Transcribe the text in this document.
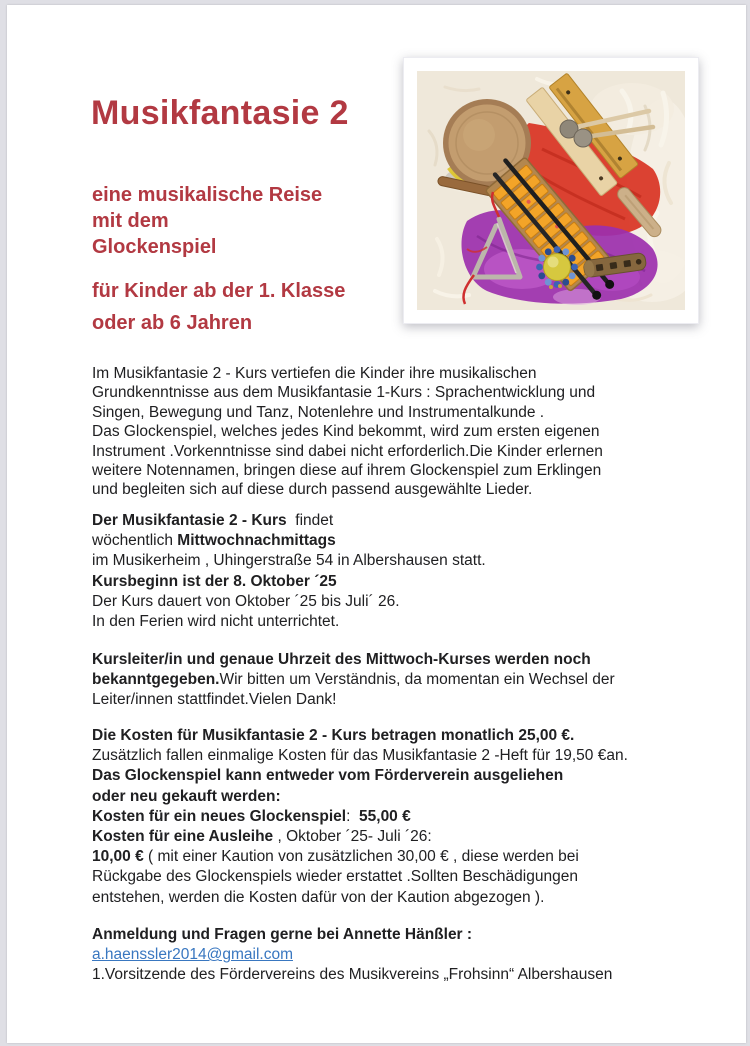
Musikfantasie 2
eine musikalische Reise
mit dem
Glockenspiel
für Kinder ab der 1. Klasse
oder ab 6 Jahren
Im Musikfantasie 2 - Kurs vertiefen die Kinder ihre musikalischen
Grundkenntnisse aus dem Musikfantasie 1-Kurs : Sprachentwicklung und
Singen, Bewegung und Tanz, Notenlehre und Instrumentalkunde .
Das Glockenspiel, welches jedes Kind bekommt, wird zum ersten eigenen
Instrument .Vorkenntnisse sind dabei nicht erforderlich.Die Kinder erlernen
weitere Notennamen, bringen diese auf ihrem Glockenspiel zum Erklingen
und begleiten sich auf diese durch passend ausgewählte Lieder.
Der Musikfantasie 2 - Kurs  findet
wöchentlich Mittwochnachmittags
im Musikerheim , Uhingerstraße 54 in Albershausen statt.
Kursbeginn ist der 8. Oktober ´25
Der Kurs dauert von Oktober ´25 bis Juli´ 26.
In den Ferien wird nicht unterrichtet.
Kursleiter/in und genaue Uhrzeit des Mittwoch-Kurses werden noch
bekanntgegeben.Wir bitten um Verständnis, da momentan ein Wechsel der
Leiter/innen stattfindet.Vielen Dank!
Die Kosten für Musikfantasie 2 - Kurs betragen monatlich 25,00 €.
Zusätzlich fallen einmalige Kosten für das Musikfantasie 2 -Heft für 19,50 €an.
Das Glockenspiel kann entweder vom Förderverein ausgeliehen
oder neu gekauft werden:
Kosten für ein neues Glockenspiel:  55,00 €
Kosten für eine Ausleihe , Oktober ´25- Juli ´26:
10,00 € ( mit einer Kaution von zusätzlichen 30,00 € , diese werden bei
Rückgabe des Glockenspiels wieder erstattet .Sollten Beschädigungen
entstehen, werden die Kosten dafür von der Kaution abgezogen ).
Anmeldung und Fragen gerne bei Annette Hänßler :
a.haenssler2014@gmail.com
1.Vorsitzende des Fördervereins des Musikvereins „Frohsinn“ Albershausen
